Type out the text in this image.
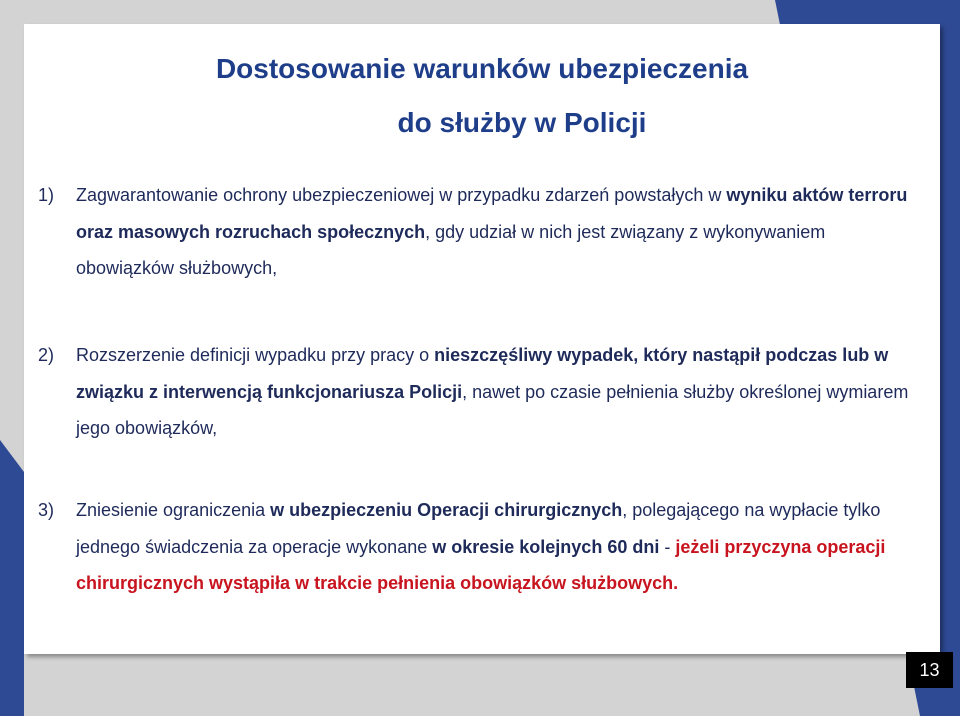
Dostosowanie warunków ubezpieczenia
do służby w Policji
1) Zagwarantowanie ochrony ubezpieczeniowej w przypadku zdarzeń powstałych w wyniku aktów terroru oraz masowych rozruchach społecznych, gdy udział w nich jest związany z wykonywaniem obowiązków służbowych,
2) Rozszerzenie definicji wypadku przy pracy o nieszczęśliwy wypadek, który nastąpił podczas lub w związku z interwencją funkcjonariusza Policji, nawet po czasie pełnienia służby określonej wymiarem jego obowiązków,
3) Zniesienie ograniczenia w ubezpieczeniu Operacji chirurgicznych, polegającego na wypłacie tylko jednego świadczenia za operacje wykonane w okresie kolejnych 60 dni - jeżeli przyczyna operacji chirurgicznych wystąpiła w trakcie pełnienia obowiązków służbowych.
13
